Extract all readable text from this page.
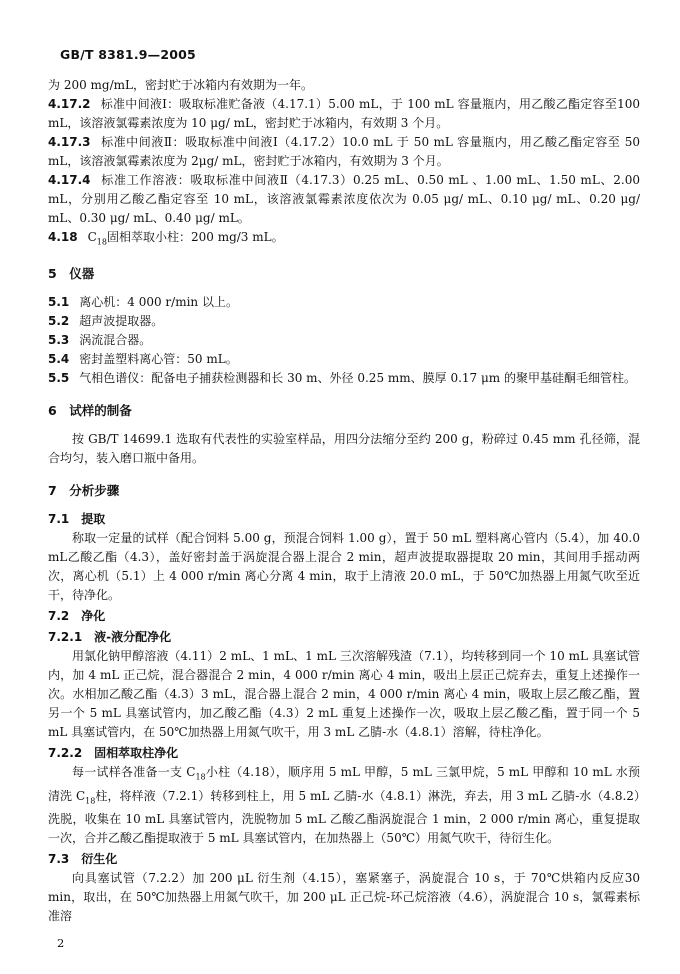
GB/T 8381.9—2005

为 200 mg/mL，密封贮于冰箱内有效期为一年。

4.17.2 标准中间液Ⅰ：吸取标准贮备液（4.17.1）5.00 mL，于 100 mL 容量瓶内，用乙酸乙酯定容至100 mL，该溶液氯霉素浓度为 10 μg/ mL，密封贮于冰箱内，有效期 3 个月。

4.17.3 标准中间液Ⅱ：吸取标准中间液Ⅰ（4.17.2）10.0 mL 于 50 mL 容量瓶内，用乙酸乙酯定容至 50 mL，该溶液氯霉素浓度为 2μg/ mL，密封贮于冰箱内，有效期为 3 个月。

4.17.4 标准工作溶液：吸取标准中间液Ⅱ（4.17.3）0.25 mL、0.50 mL 、1.00 mL、1.50 mL、2.00 mL，分别用乙酸乙酯定容至 10 mL，该溶液氯霉素浓度依次为 0.05 μg/ mL、0.10 μg/ mL、0.20 μg/ mL、0.30 μg/ mL、0.40 μg/ mL。

4.18 $C_{18}$固相萃取小柱：200 mg/3 mL。

5　仪器

5.1 离心机：4 000 r/min 以上。

5.2 超声波提取器。

5.3 涡流混合器。

5.4 密封盖塑料离心管：50 mL。

5.5 气相色谱仪：配备电子捕获检测器和长 30 m、外径 0.25 mm、膜厚 0.17 μm 的聚甲基硅酮毛细管柱。

6　试样的制备

按 GB/T 14699.1 选取有代表性的实验室样品，用四分法缩分至约 200 g，粉碎过 0.45 mm 孔径筛，混合均匀，装入磨口瓶中备用。

7　分析步骤
7.1　提取

称取一定量的试样（配合饲料 5.00 g，预混合饲料 1.00 g），置于 50 mL 塑料离心管内（5.4），加 40.0 mL乙酸乙酯（4.3），盖好密封盖于涡旋混合器上混合 2 min，超声波提取器提取 20 min，其间用手摇动两次，离心机（5.1）上 4 000 r/min 离心分离 4 min，取于上清液 20.0 mL，于 50℃加热器上用氮气吹至近干，待净化。

7.2　净化
7.2.1　液-液分配净化

用氯化钠甲醇溶液（4.11）2 mL、1 mL、1 mL 三次溶解残渣（7.1），均转移到同一个 10 mL 具塞试管内，加 4 mL 正己烷，混合器混合 2 min，4 000 r/min 离心 4 min，吸出上层正己烷弃去，重复上述操作一次。水相加乙酸乙酯（4.3）3 mL，混合器上混合 2 min，4 000 r/min 离心 4 min，吸取上层乙酸乙酯，置另一个 5 mL 具塞试管内，加乙酸乙酯（4.3）2 mL 重复上述操作一次，吸取上层乙酸乙酯，置于同一个 5 mL 具塞试管内，在 50℃加热器上用氮气吹干，用 3 mL 乙腈-水（4.8.1）溶解，待柱净化。

7.2.2　固相萃取柱净化

每一试样各准备一支 $C_{18}$小柱（4.18），顺序用 5 mL 甲醇，5 mL 三氯甲烷，5 mL 甲醇和 10 mL 水预清洗 $C_{18}$柱，将样液（7.2.1）转移到柱上，用 5 mL 乙腈-水（4.8.1）淋洗，弃去，用 3 mL 乙腈-水（4.8.2）洗脱，收集在 10 mL 具塞试管内，洗脱物加 5 mL 乙酸乙酯涡旋混合 1 min，2 000 r/min 离心，重复提取一次，合并乙酸乙酯提取液于 5 mL 具塞试管内，在加热器上（50℃）用氮气吹干，待衍生化。

7.3　衍生化

向具塞试管（7.2.2）加 200 μL 衍生剂（4.15），塞紧塞子，涡旋混合 10 s，于 70℃烘箱内反应30 min，取出，在 50℃加热器上用氮气吹干，加 200 μL 正己烷-环己烷溶液（4.6），涡旋混合 10 s，氯霉素标准溶

2
